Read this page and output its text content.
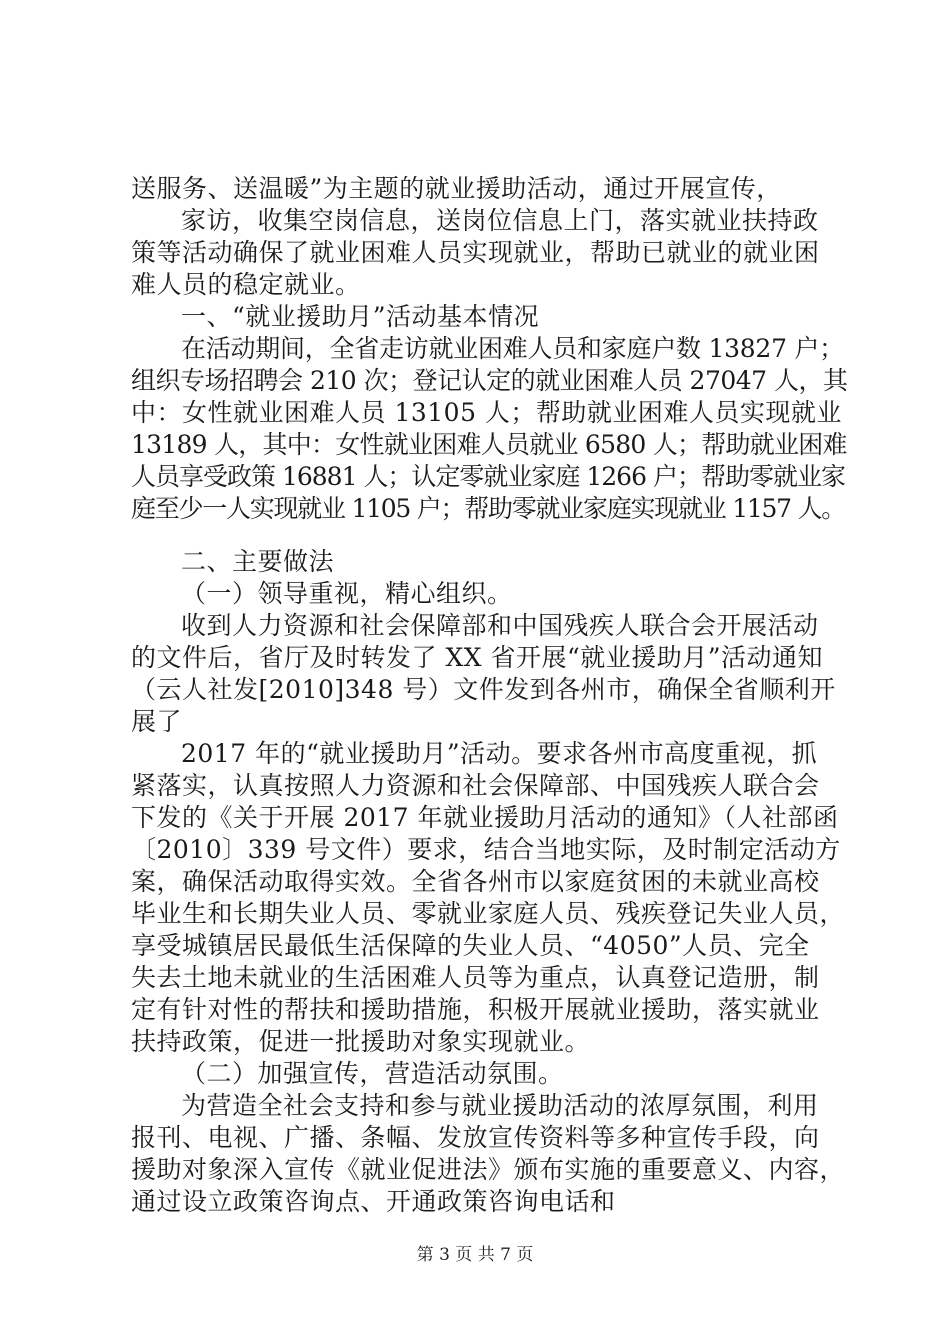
送服务、送温暖”为主题的就业援助活动，通过开展宣传，
家访，收集空岗信息，送岗位信息上门，落实就业扶持政
策等活动确保了就业困难人员实现就业，帮助已就业的就业困
难人员的稳定就业。
一、“就业援助月”活动基本情况
在活动期间，全省走访就业困难人员和家庭户数 13827 户；
组织专场招聘会 210 次；登记认定的就业困难人员 27047 人，其
中：女性就业困难人员 13105 人；帮助就业困难人员实现就业
13189 人，其中：女性就业困难人员就业 6580 人；帮助就业困难
人员享受政策 16881 人；认定零就业家庭 1266 户；帮助零就业家
庭至少一人实现就业 1105 户；帮助零就业家庭实现就业 1157 人。
二、主要做法
（一）领导重视，精心组织。
收到人力资源和社会保障部和中国残疾人联合会开展活动
的文件后，省厅及时转发了 XX 省开展“就业援助月”活动通知
（云人社发[2010]348 号）文件发到各州市，确保全省顺利开
展了
2017 年的“就业援助月”活动。要求各州市高度重视，抓
紧落实，认真按照人力资源和社会保障部、中国残疾人联合会
下发的《关于开展 2017 年就业援助月活动的通知》（人社部函
〔2010〕339 号文件）要求，结合当地实际，及时制定活动方
案，确保活动取得实效。全省各州市以家庭贫困的未就业高校
毕业生和长期失业人员、零就业家庭人员、残疾登记失业人员，
享受城镇居民最低生活保障的失业人员、“4050”人员、完全
失去土地未就业的生活困难人员等为重点，认真登记造册，制
定有针对性的帮扶和援助措施，积极开展就业援助，落实就业
扶持政策，促进一批援助对象实现就业。
（二）加强宣传，营造活动氛围。
为营造全社会支持和参与就业援助活动的浓厚氛围，利用
报刊、电视、广播、条幅、发放宣传资料等多种宣传手段，向
援助对象深入宣传《就业促进法》颁布实施的重要意义、内容，
通过设立政策咨询点、开通政策咨询电话和
第 3 页 共 7 页
